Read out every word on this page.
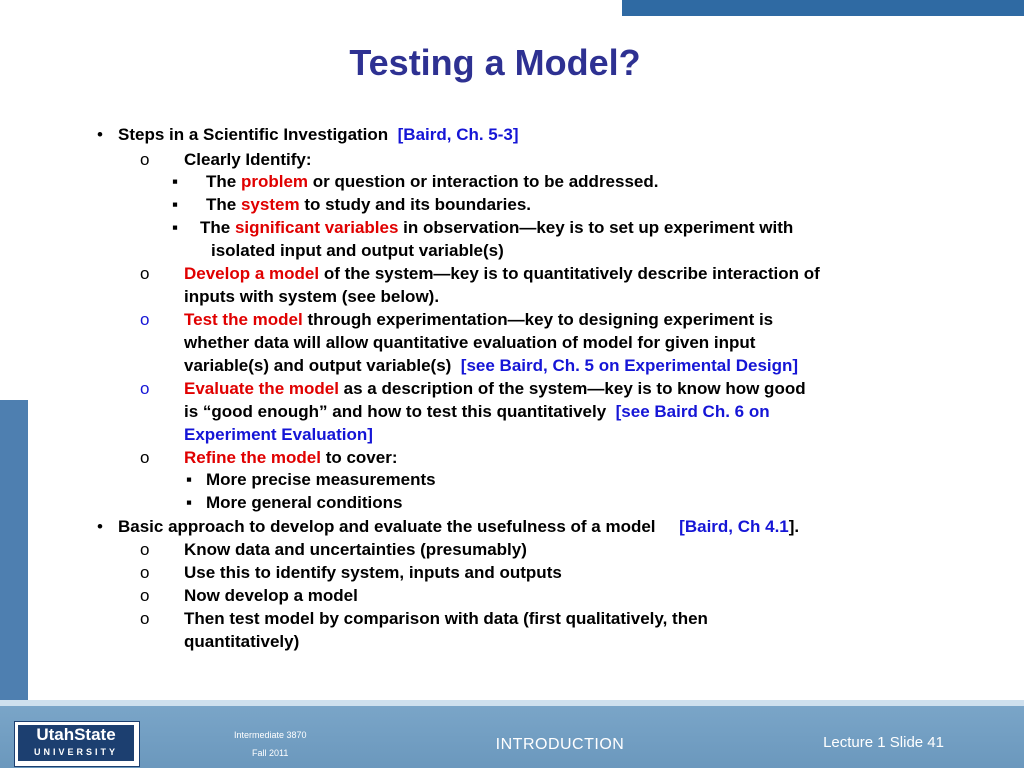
Testing a Model?
• Steps in a Scientific Investigation [Baird, Ch. 5-3]
o Clearly Identify:
▪ The problem or question or interaction to be addressed.
▪ The system to study and its boundaries.
▪ The significant variables in observation—key is to set up experiment with
isolated input and output variable(s)
o Develop a model of the system—key is to quantitatively describe interaction of
inputs with system (see below).
o Test the model through experimentation—key to designing experiment is
whether data will allow quantitative evaluation of model for given input
variable(s) and output variable(s) [see Baird, Ch. 5 on Experimental Design]
o Evaluate the model as a description of the system—key is to know how good
is “good enough” and how to test this quantitatively [see Baird Ch. 6 on
Experiment Evaluation]
o Refine the model to cover:
▪ More precise measurements
▪ More general conditions
• Basic approach to develop and evaluate the usefulness of a model [Baird, Ch 4.1].
o Know data and uncertainties (presumably)
o Use this to identify system, inputs and outputs
o Now develop a model
o Then test model by comparison with data (first qualitatively, then
quantitatively)
UtahState
UNIVERSITY
Intermediate 3870
Fall 2011	INTRODUCTION	Lecture 1 Slide 41
